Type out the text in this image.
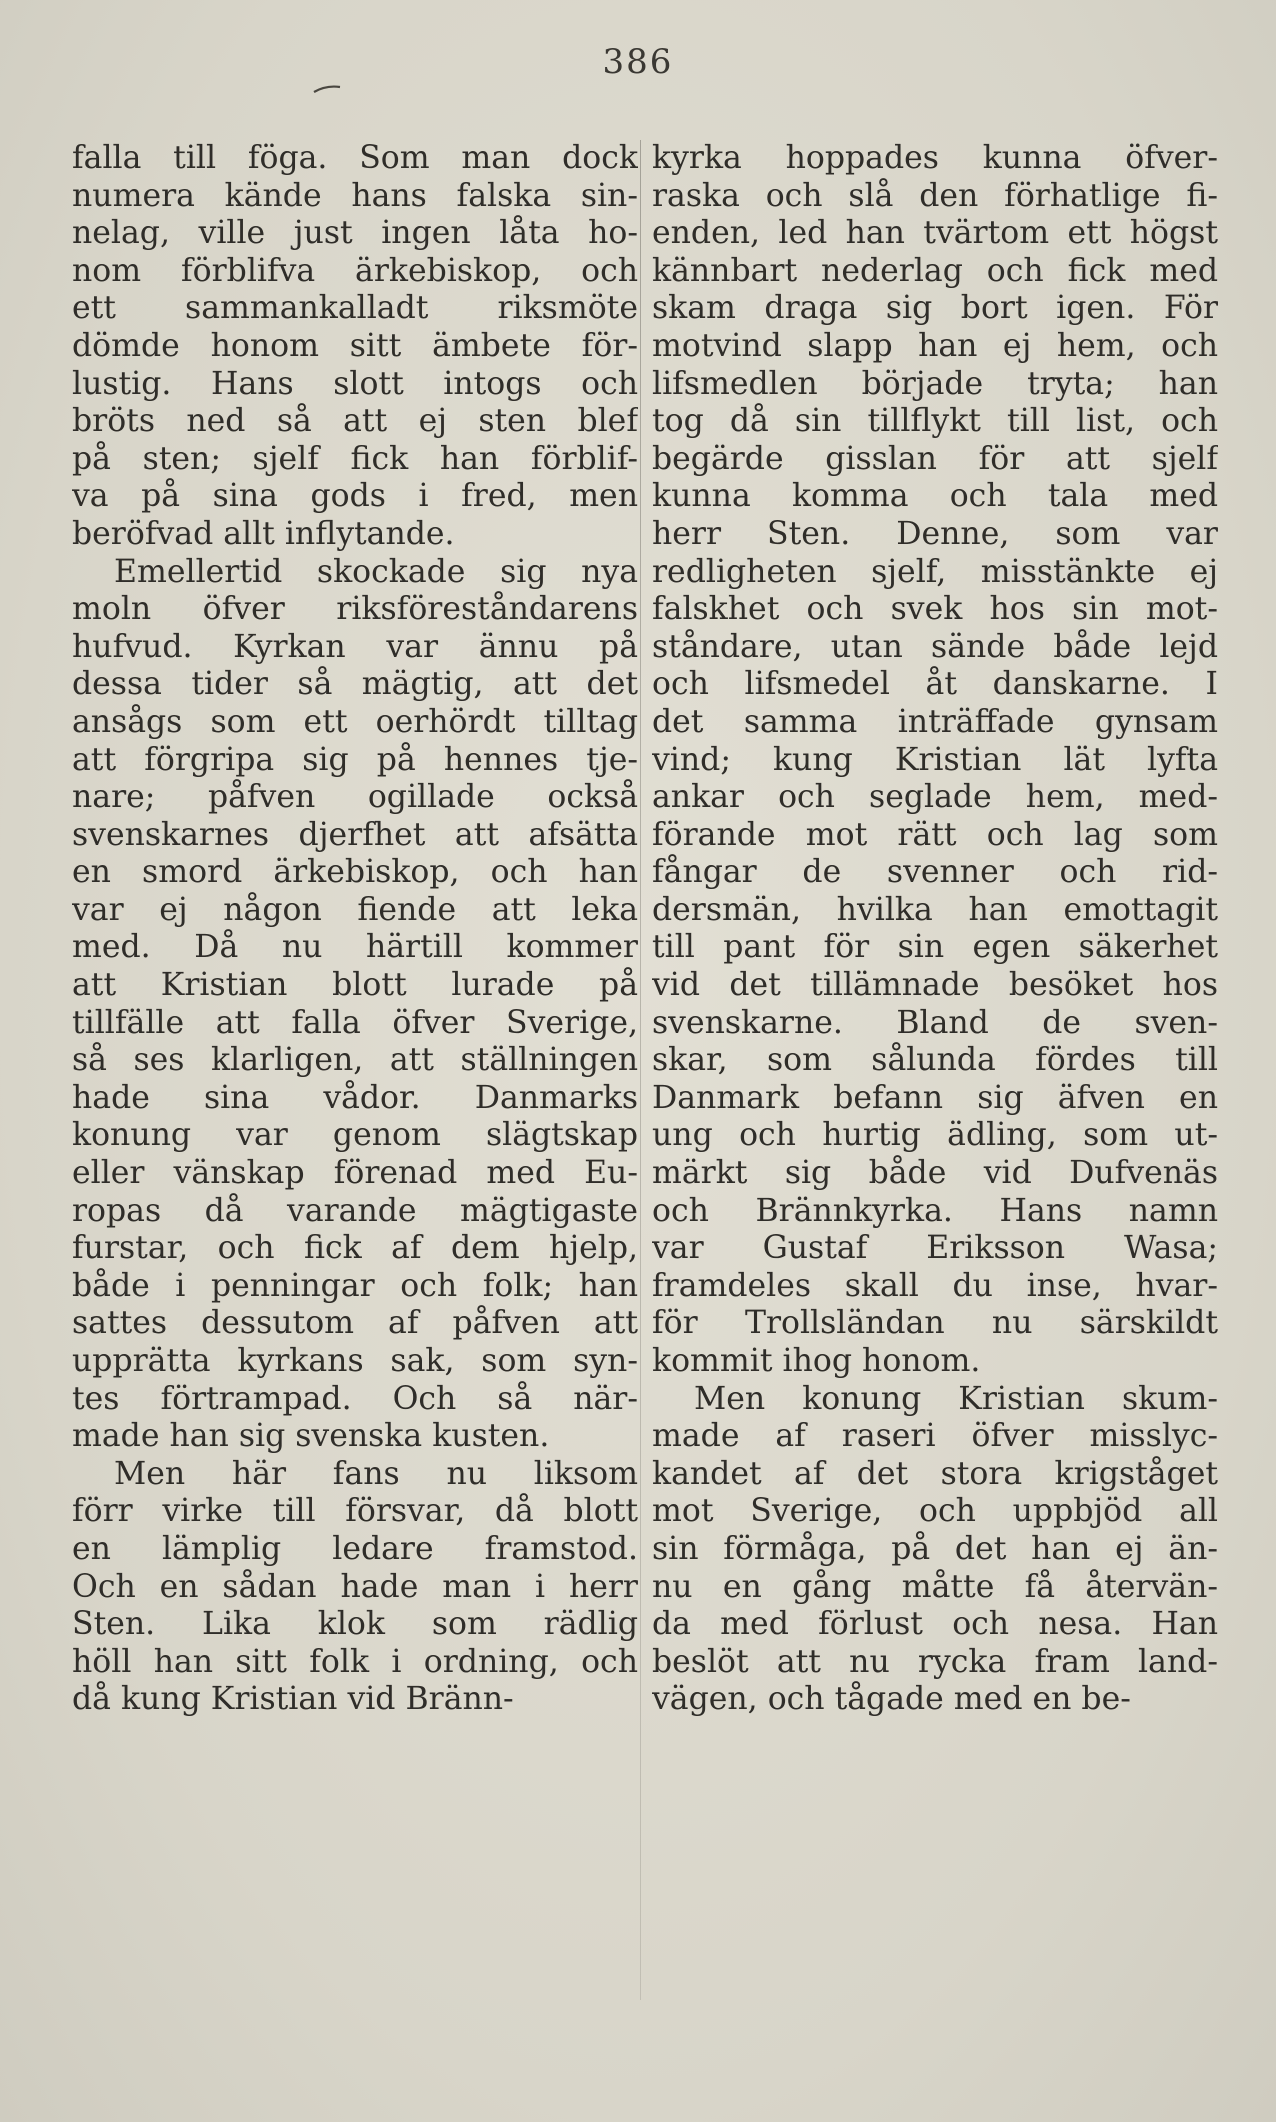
386
falla till föga. Som man dock
numera kände hans falska sin-
nelag, ville just ingen låta ho-
nom förblifva ärkebiskop, och
ett sammankalladt riksmöte
dömde honom sitt ämbete för-
lustig. Hans slott intogs och
bröts ned så att ej sten blef
på sten; sjelf fick han förblif-
va på sina gods i fred, men
beröfvad allt inflytande.
Emellertid skockade sig nya
moln öfver riksföreståndarens
hufvud. Kyrkan var ännu på
dessa tider så mägtig, att det
ansågs som ett oerhördt tilltag
att förgripa sig på hennes tje-
nare; påfven ogillade också
svenskarnes djerfhet att afsätta
en smord ärkebiskop, och han
var ej någon fiende att leka
med. Då nu härtill kommer
att Kristian blott lurade på
tillfälle att falla öfver Sverige,
så ses klarligen, att ställningen
hade sina vådor. Danmarks
konung var genom slägtskap
eller vänskap förenad med Eu-
ropas då varande mägtigaste
furstar, och fick af dem hjelp,
både i penningar och folk; han
sattes dessutom af påfven att
upprätta kyrkans sak, som syn-
tes förtrampad. Och så när-
made han sig svenska kusten.
Men här fans nu liksom
förr virke till försvar, då blott
en lämplig ledare framstod.
Och en sådan hade man i herr
Sten. Lika klok som rädlig
höll han sitt folk i ordning, och
då kung Kristian vid Bränn-
kyrka hoppades kunna öfver-
raska och slå den förhatlige fi-
enden, led han tvärtom ett högst
kännbart nederlag och fick med
skam draga sig bort igen. För
motvind slapp han ej hem, och
lifsmedlen började tryta; han
tog då sin tillflykt till list, och
begärde gisslan för att sjelf
kunna komma och tala med
herr Sten. Denne, som var
redligheten sjelf, misstänkte ej
falskhet och svek hos sin mot-
ståndare, utan sände både lejd
och lifsmedel åt danskarne. I
det samma inträffade gynsam
vind; kung Kristian lät lyfta
ankar och seglade hem, med-
förande mot rätt och lag som
fångar de svenner och rid-
dersmän, hvilka han emottagit
till pant för sin egen säkerhet
vid det tillämnade besöket hos
svenskarne. Bland de sven-
skar, som sålunda fördes till
Danmark befann sig äfven en
ung och hurtig ädling, som ut-
märkt sig både vid Dufvenäs
och Brännkyrka. Hans namn
var Gustaf Eriksson Wasa;
framdeles skall du inse, hvar-
för Trollsländan nu särskildt
kommit ihog honom.
Men konung Kristian skum-
made af raseri öfver misslyc-
kandet af det stora krigståget
mot Sverige, och uppbjöd all
sin förmåga, på det han ej än-
nu en gång måtte få återvän-
da med förlust och nesa. Han
beslöt att nu rycka fram land-
vägen, och tågade med en be-
